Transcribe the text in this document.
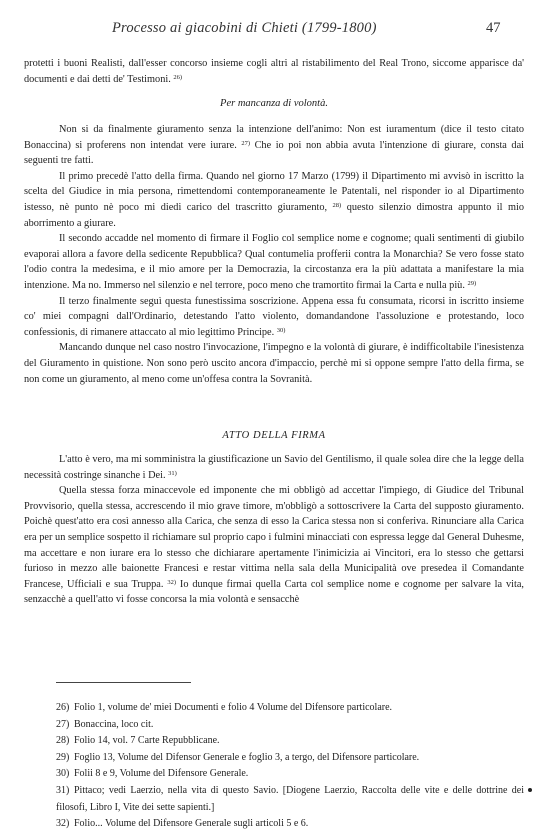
Processo ai giacobini di Chieti (1799-1800)	47

protetti i buoni Realisti, dall'esser concorso insieme cogli altri al ristabilimento del Real Trono, siccome apparisce da' documenti e dai detti de' Testimoni. $^{26)}$

Per mancanza di volontà.

Non si da finalmente giuramento senza la intenzione dell'animo: Non est iuramentum (dice il testo citato Bonaccina) si proferens non intendat vere iurare. $^{27)}$ Che io poi non abbia avuta l'intenzione di giurare, consta dai seguenti tre fatti.

Il primo precedè l'atto della firma. Quando nel giorno 17 Marzo (1799) il Dipartimento mi avvisò in iscritto la scelta del Giudice in mia persona, rimettendomi contemporaneamente le Patentali, nel risponder io al Dipartimento istesso, nè punto nè poco mi diedi carico del trascritto giuramento, $^{28)}$ questo silenzio dimostra appunto il mio aborrimento a giurare.

Il secondo accadde nel momento di firmare il Foglio col semplice nome e cognome; quali sentimenti di giubilo evaporai allora a favore della sedicente Repubblica? Qual contumelia profferii contra la Monarchia? Se vero fosse stato l'odio contra la medesima, e il mio amore per la Democrazia, la circostanza era la più adattata a manifestare la mia intenzione. Ma no. Immerso nel silenzio e nel terrore, poco meno che tramortito firmai la Carta e nulla più. $^{29)}$

Il terzo finalmente seguì questa funestissima soscrizione. Appena essa fu consumata, ricorsi in iscritto insieme co' miei compagni dall'Ordinario, detestando l'atto violento, domandandone l'assoluzione e protestando, loco confessionis, di rimanere attaccato al mio legittimo Principe. $^{30)}$

Mancando dunque nel caso nostro l'invocazione, l'impegno e la volontà di giurare, è indifficoltabile l'inesistenza del Giuramento in quistione. Non sono però uscito ancora d'impaccio, perchè mi si oppone sempre l'atto della firma, se non come un giuramento, al meno come un'offesa contra la Sovranità.

ATTO DELLA FIRMA

L'atto è vero, ma mi somministra la giustificazione un Savio del Gentilismo, il quale solea dire che la legge della necessità costringe sinanche i Dei. $^{31)}$

Quella stessa forza minaccevole ed imponente che mi obbligò ad accettar l'impiego, di Giudice del Tribunal Provvisorio, quella stessa, accrescendo il mio grave timore, m'obbligò a sottoscrivere la Carta del supposto giuramento. Poichè quest'atto era così annesso alla Carica, che senza di esso la Carica stessa non si conferiva. Rinunciare alla Carica era per un semplice sospetto il richiamare sul proprio capo i fulmini minacciati con espressa legge dal General Duhesme, ma accettare e non iurare era lo stesso che dichiarare apertamente l'inimicizia ai Vincitori, era lo stesso che gettarsi furioso in mezzo alle baionette Francesi e restar vittima nella sala della Municipalità ove presedea il Comandante Francese, Ufficiali e sua Truppa. $^{32)}$ Io dunque firmai quella Carta col semplice nome e cognome per salvare la vita, senzacchè a quell'atto vi fosse concorsa la mia volontà e sensacchè

26) Folio 1, volume de' miei Documenti e folio 4 Volume del Difensore particolare.

27) Bonaccina, loco cit.

28) Folio 14, vol. 7 Carte Repubblicane.

29) Foglio 13, Volume del Difensor Generale e foglio 3, a tergo, del Difensore particolare.

30) Folii 8 e 9, Volume del Difensore Generale.

31) Pittaco; vedi Laerzio, nella vita di questo Savio. [Diogene Laerzio, Raccolta delle vite e delle dottrine dei filosofi, Libro I, Vite dei sette sapienti.]

32) Folio... Volume del Difensore Generale sugli articoli 5 e 6.
